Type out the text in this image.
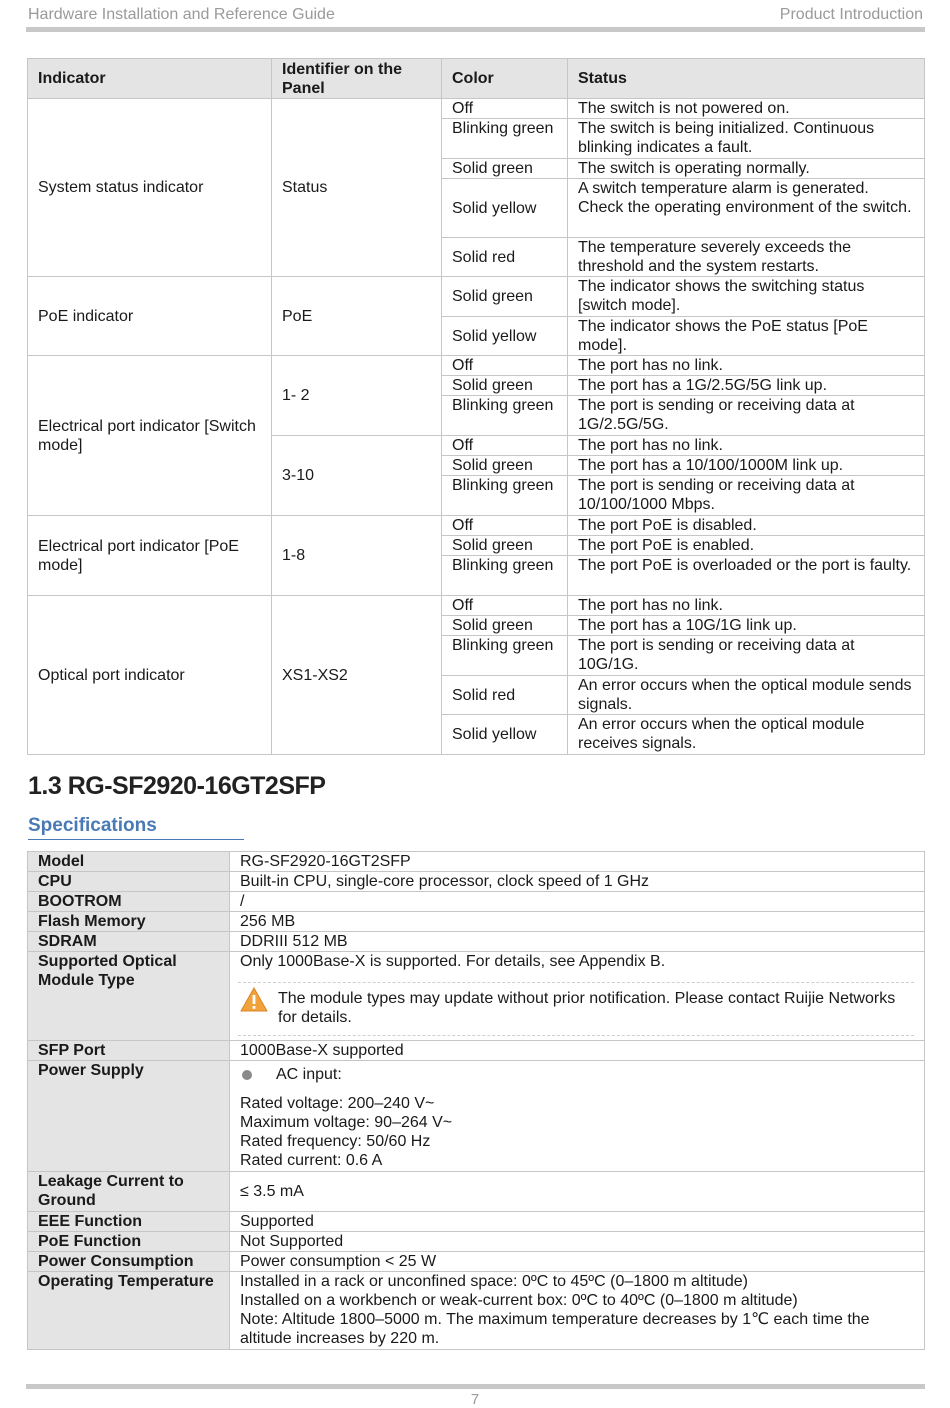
Hardware Installation and Reference Guide	Product Introduction
Indicator	Identifier on the Panel	Color	Status
System status indicator	Status	Off	The switch is not powered on.
		Blinking green	The switch is being initialized. Continuous blinking indicates a fault.
		Solid green	The switch is operating normally.
		Solid yellow	A switch temperature alarm is generated. Check the operating environment of the switch.
		Solid red	The temperature severely exceeds the threshold and the system restarts.
PoE indicator	PoE	Solid green	The indicator shows the switching status [switch mode].
		Solid yellow	The indicator shows the PoE status [PoE mode].
Electrical port indicator [Switch mode]	1- 2	Off	The port has no link.
		Solid green	The port has a 1G/2.5G/5G link up.
		Blinking green	The port is sending or receiving data at 1G/2.5G/5G.
	3-10	Off	The port has no link.
		Solid green	The port has a 10/100/1000M link up.
		Blinking green	The port is sending or receiving data at 10/100/1000 Mbps.
Electrical port indicator [PoE mode]	1-8	Off	The port PoE is disabled.
		Solid green	The port PoE is enabled.
		Blinking green	The port PoE is overloaded or the port is faulty.
Optical port indicator	XS1-XS2	Off	The port has no link.
		Solid green	The port has a 10G/1G link up.
		Blinking green	The port is sending or receiving data at 10G/1G.
		Solid red	An error occurs when the optical module sends signals.
		Solid yellow	An error occurs when the optical module receives signals.
1.3 RG-SF2920-16GT2SFP
Specifications
Model	RG-SF2920-16GT2SFP
CPU	Built-in CPU, single-core processor, clock speed of 1 GHz
BOOTROM	/
Flash Memory	256 MB
SDRAM	DDRIII 512 MB
Supported Optical Module Type	Only 1000Base-X is supported. For details, see Appendix B.
The module types may update without prior notification. Please contact Ruijie Networks for details.

SFP Port	1000Base-X supported
Power Supply	AC input:
Rated voltage: 200–240 V~
Maximum voltage: 90–264 V~
Rated frequency: 50/60 Hz
Rated current: 0.6 A

Leakage Current to Ground	≤ 3.5 mA
EEE Function	Supported
PoE Function	Not Supported
Power Consumption	Power consumption < 25 W
Operating Temperature	Installed in a rack or unconfined space: 0ºC to 45ºC (0–1800 m altitude)
Installed on a workbench or weak-current box: 0ºC to 40ºC (0–1800 m altitude)
Note: Altitude 1800–5000 m. The maximum temperature decreases by 1℃ each time the altitude increases by 220 m.
7
